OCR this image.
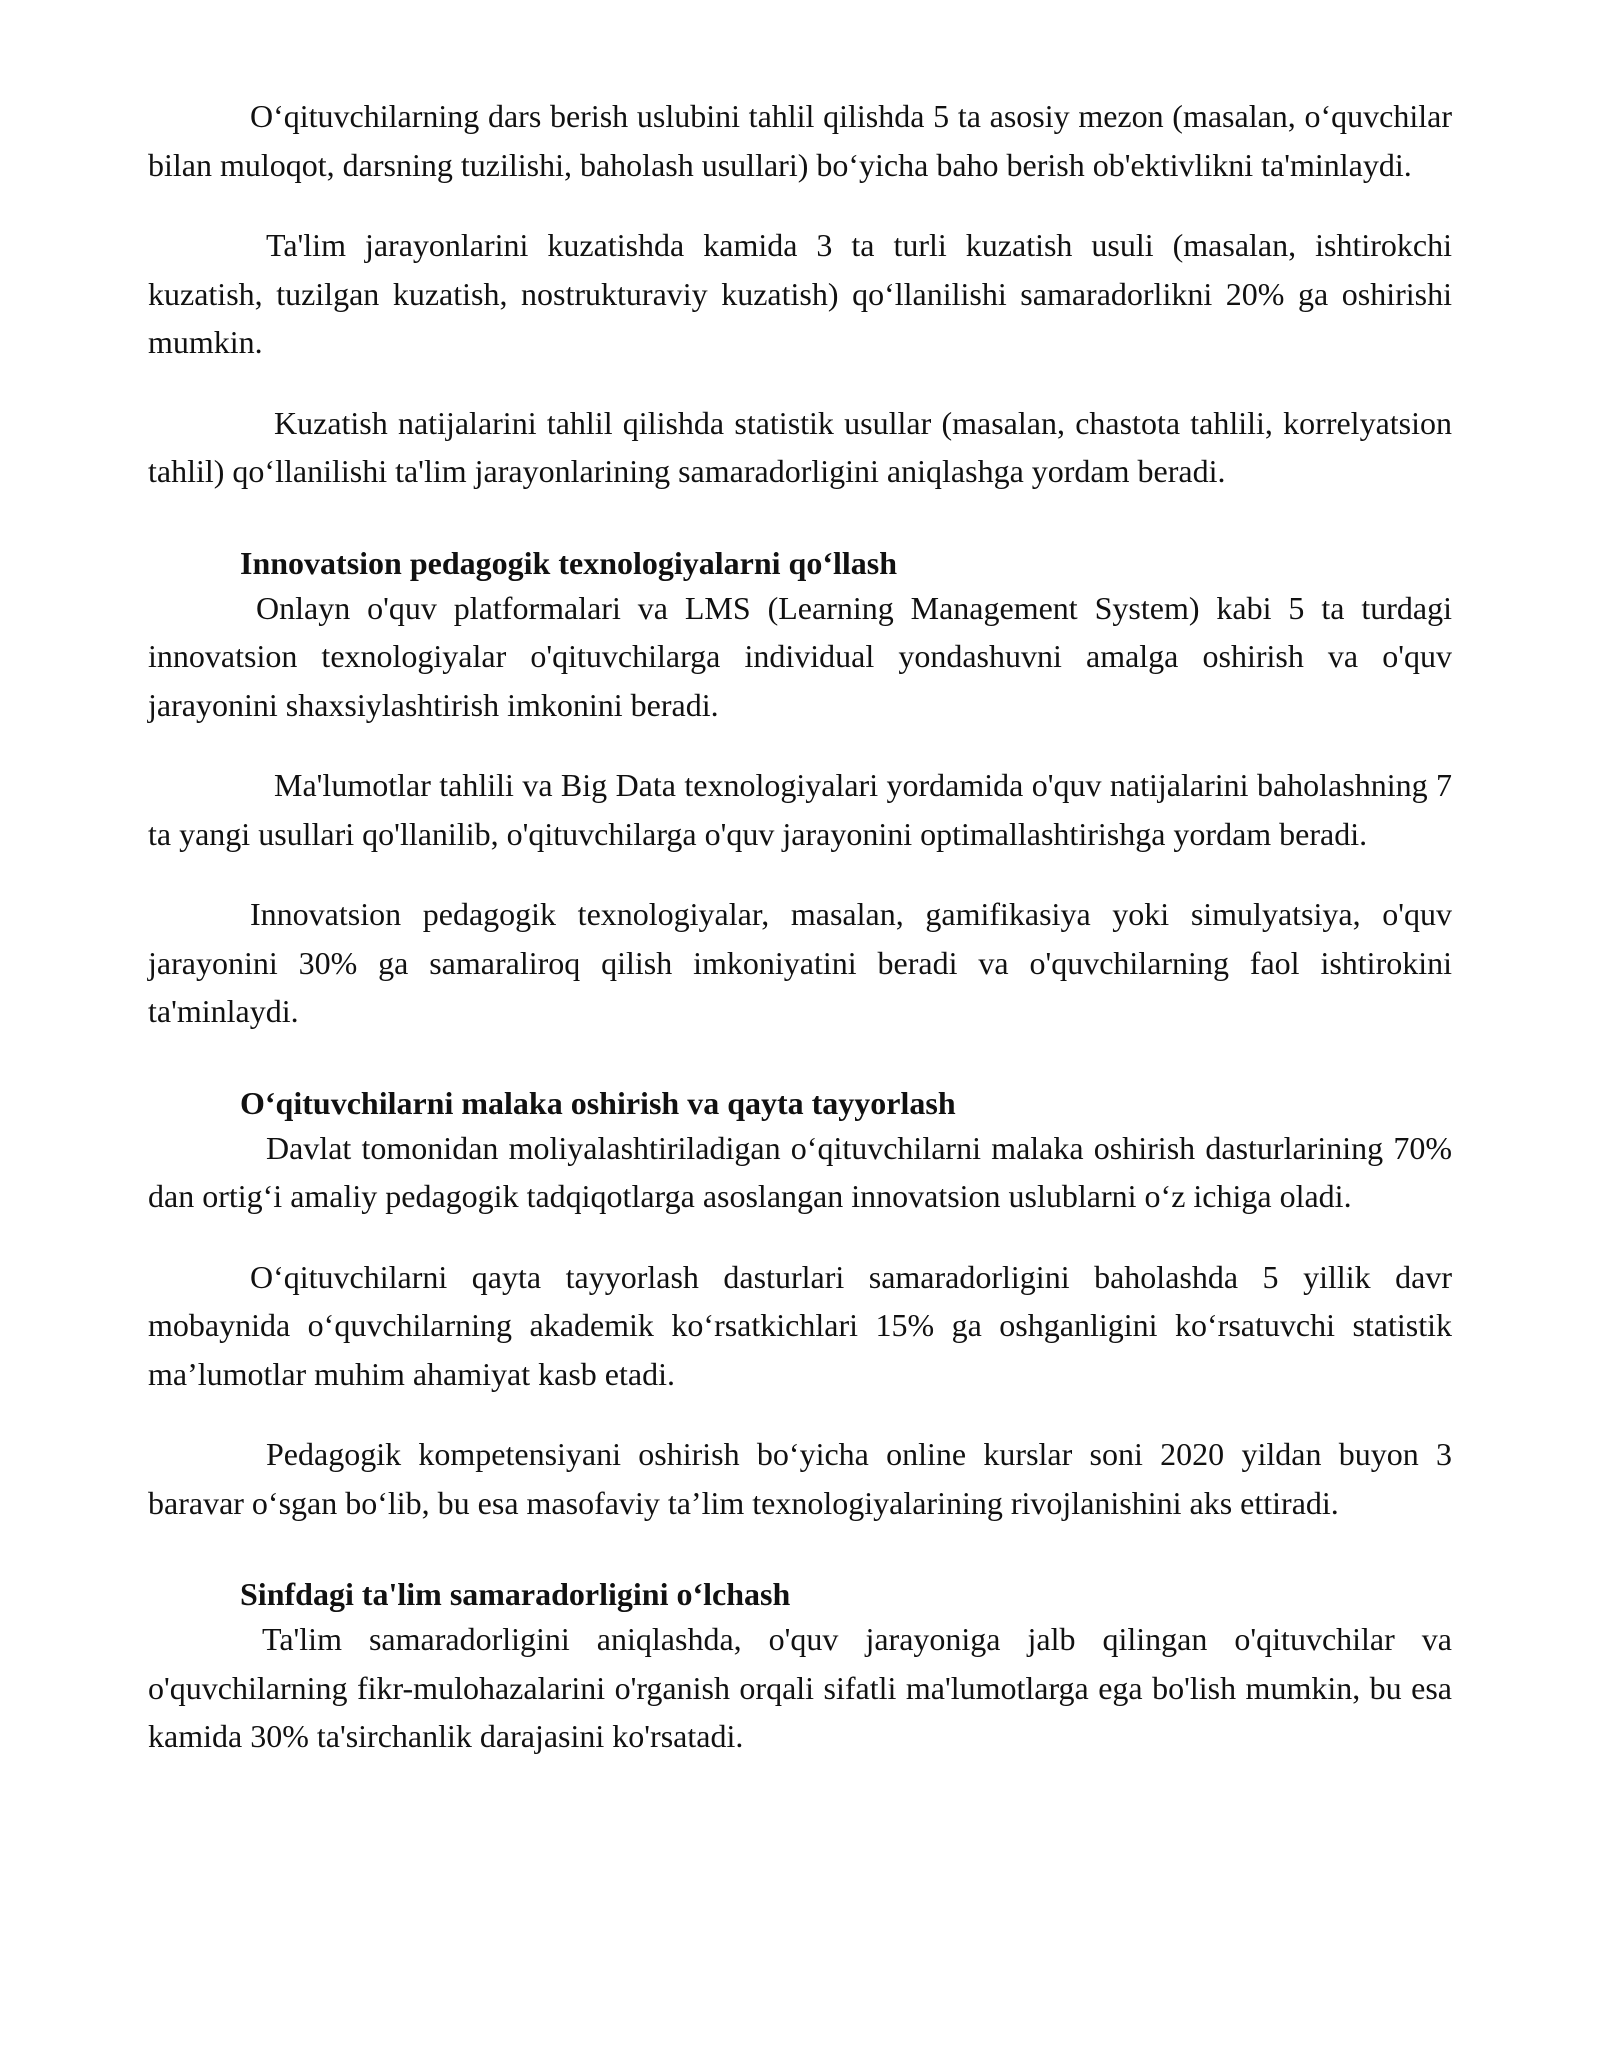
O‘qituvchilarning dars berish uslubini tahlil qilishda 5 ta asosiy mezon (masalan, o‘quvchilar bilan muloqot, darsning tuzilishi, baholash usullari) bo‘yicha baho berish ob'ektivlikni ta'minlaydi.

Ta'lim jarayonlarini kuzatishda kamida 3 ta turli kuzatish usuli (masalan, ishtirokchi kuzatish, tuzilgan kuzatish, nostrukturaviy kuzatish) qo‘llanilishi samaradorlikni 20% ga oshirishi mumkin.

Kuzatish natijalarini tahlil qilishda statistik usullar (masalan, chastota tahlili, korrelyatsion tahlil) qo‘llanilishi ta'lim jarayonlarining samaradorligini aniqlashga yordam beradi.

Innovatsion pedagogik texnologiyalarni qo‘llash

Onlayn o'quv platformalari va LMS (Learning Management System) kabi 5 ta turdagi innovatsion texnologiyalar o'qituvchilarga individual yondashuvni amalga oshirish va o'quv jarayonini shaxsiylashtirish imkonini beradi.

Ma'lumotlar tahlili va Big Data texnologiyalari yordamida o'quv natijalarini baholashning 7 ta yangi usullari qo'llanilib, o'qituvchilarga o'quv jarayonini optimallashtirishga yordam beradi.

Innovatsion pedagogik texnologiyalar, masalan, gamifikasiya yoki simulyatsiya, o'quv jarayonini 30% ga samaraliroq qilish imkoniyatini beradi va o'quvchilarning faol ishtirokini ta'minlaydi.

O‘qituvchilarni malaka oshirish va qayta tayyorlash

Davlat tomonidan moliyalashtiriladigan o‘qituvchilarni malaka oshirish dasturlarining 70% dan ortig‘i amaliy pedagogik tadqiqotlarga asoslangan innovatsion uslublarni o‘z ichiga oladi.

O‘qituvchilarni qayta tayyorlash dasturlari samaradorligini baholashda 5 yillik davr mobaynida o‘quvchilarning akademik ko‘rsatkichlari 15% ga oshganligini ko‘rsatuvchi statistik ma’lumotlar muhim ahamiyat kasb etadi.

Pedagogik kompetensiyani oshirish bo‘yicha online kurslar soni 2020 yildan buyon 3 baravar o‘sgan bo‘lib, bu esa masofaviy ta’lim texnologiyalarining rivojlanishini aks ettiradi.

Sinfdagi ta'lim samaradorligini o‘lchash

Ta'lim samaradorligini aniqlashda, o'quv jarayoniga jalb qilingan o'qituvchilar va o'quvchilarning fikr-mulohazalarini o'rganish orqali sifatli ma'lumotlarga ega bo'lish mumkin, bu esa kamida 30% ta'sirchanlik darajasini ko'rsatadi.
